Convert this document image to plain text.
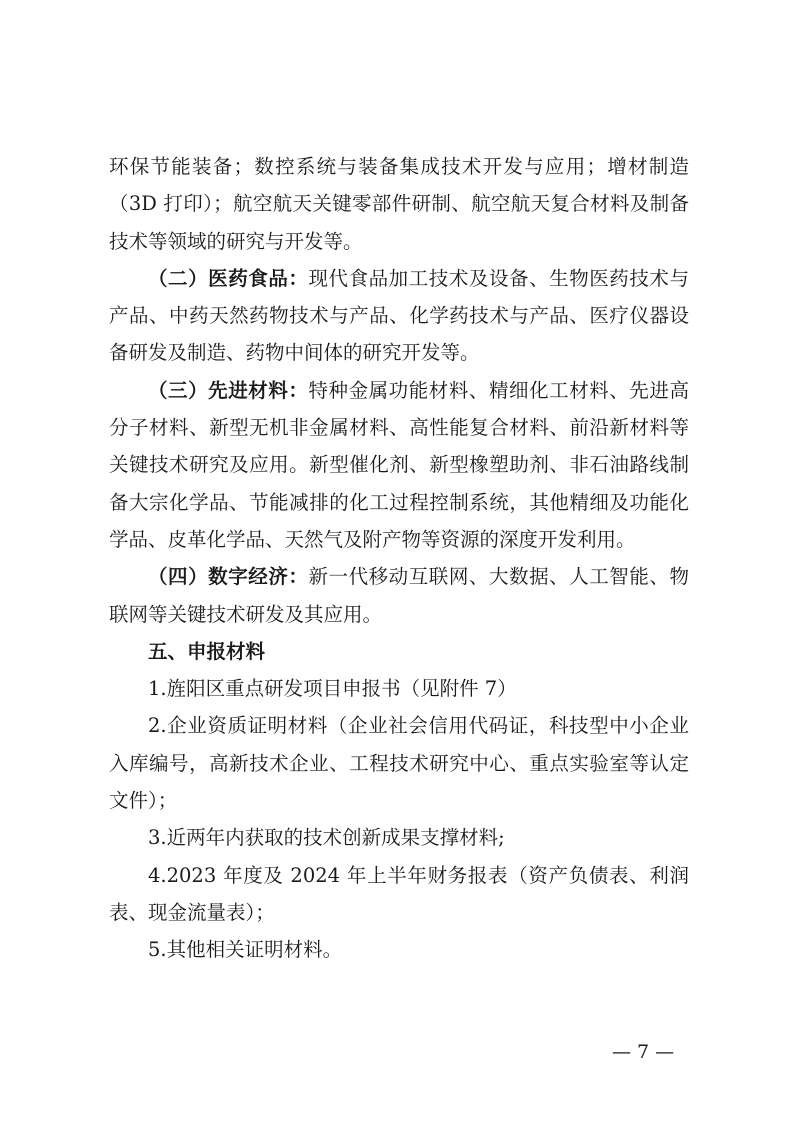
环保节能装备；数控系统与装备集成技术开发与应用；增材制造（3D 打印）；航空航天关键零部件研制、航空航天复合材料及制备技术等领域的研究与开发等。

（二）医药食品：现代食品加工技术及设备、生物医药技术与产品、中药天然药物技术与产品、化学药技术与产品、医疗仪器设备研发及制造、药物中间体的研究开发等。

（三）先进材料：特种金属功能材料、精细化工材料、先进高分子材料、新型无机非金属材料、高性能复合材料、前沿新材料等关键技术研究及应用。新型催化剂、新型橡塑助剂、非石油路线制备大宗化学品、节能减排的化工过程控制系统，其他精细及功能化学品、皮革化学品、天然气及附产物等资源的深度开发利用。

（四）数字经济：新一代移动互联网、大数据、人工智能、物联网等关键技术研发及其应用。

五、申报材料

1.旌阳区重点研发项目申报书（见附件 7）

2.企业资质证明材料（企业社会信用代码证，科技型中小企业入库编号，高新技术企业、工程技术研究中心、重点实验室等认定文件）；

3.近两年内获取的技术创新成果支撑材料;

4.2023 年度及 2024 年上半年财务报表（资产负债表、利润表、现金流量表）；

5.其他相关证明材料。

— 7 —
